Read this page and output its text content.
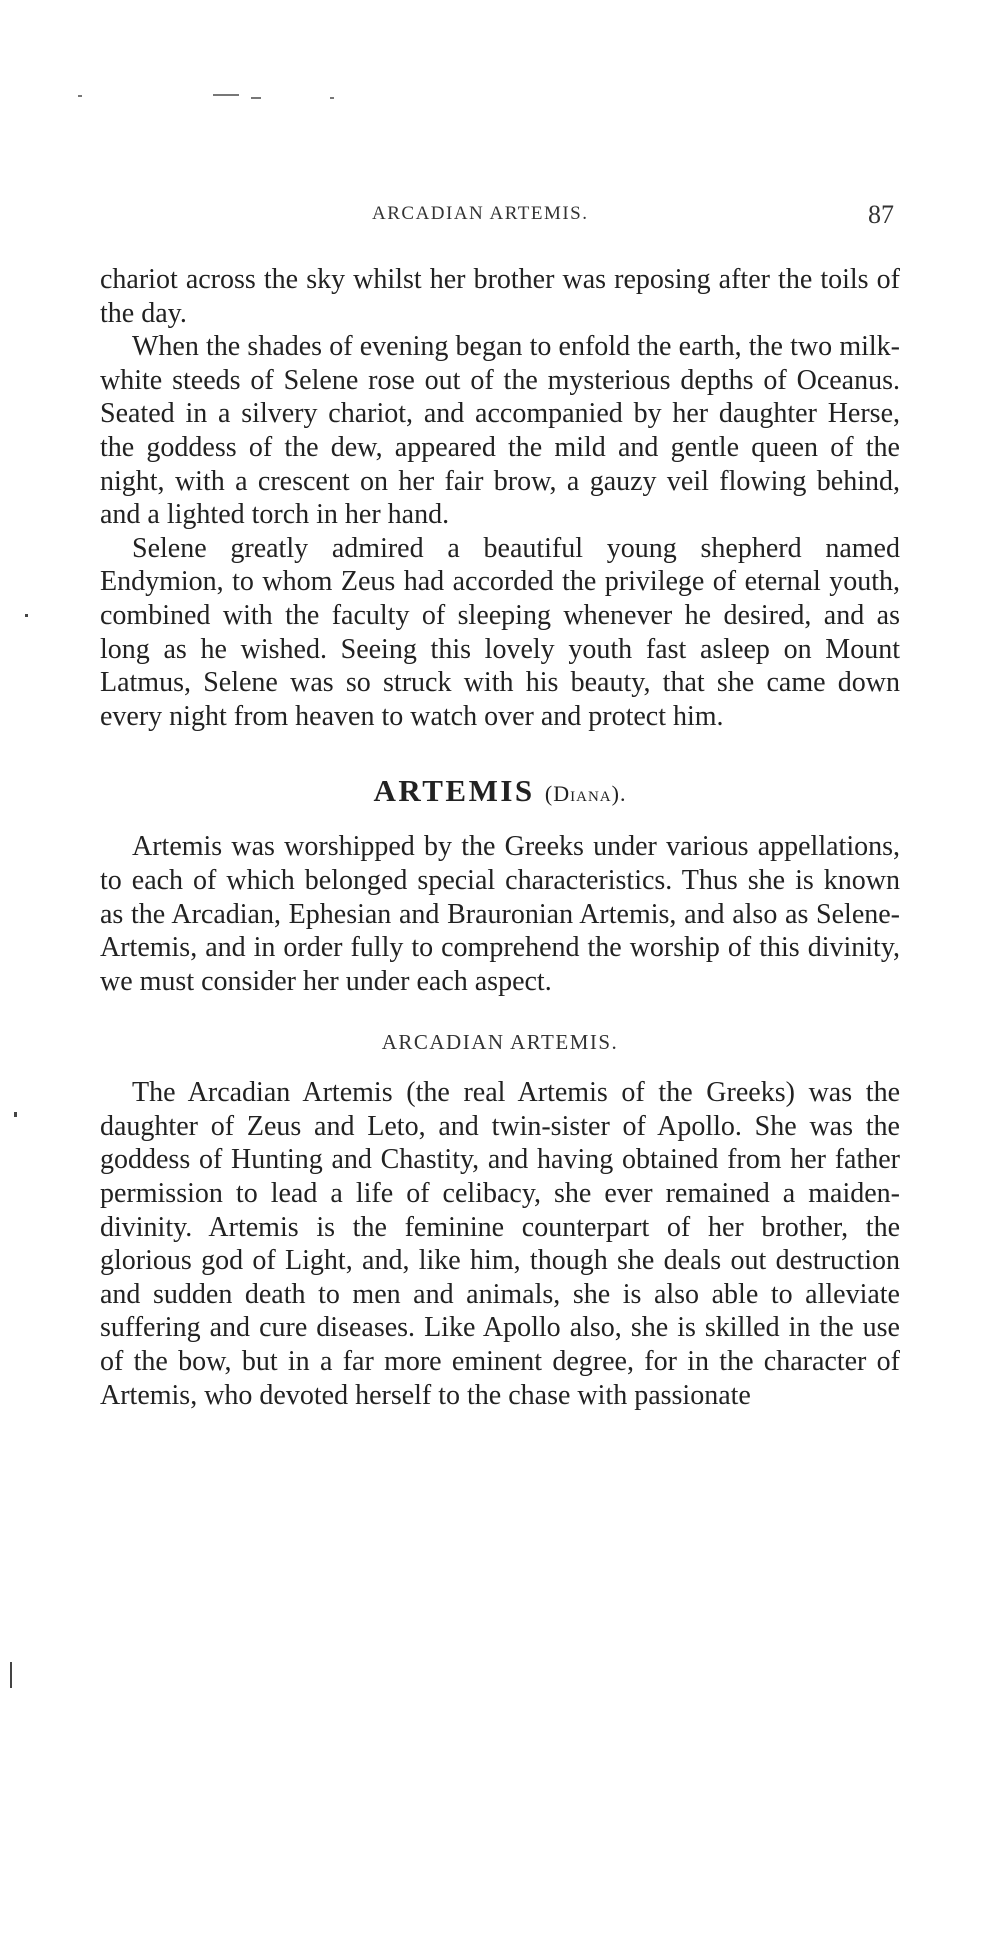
ARCADIAN ARTEMIS.	87

chariot across the sky whilst her brother was reposing after the toils of the day.

When the shades of evening began to enfold the earth, the two milk-white steeds of Selene rose out of the mysterious depths of Oceanus. Seated in a silvery chariot, and accompanied by her daughter Herse, the goddess of the dew, appeared the mild and gentle queen of the night, with a crescent on her fair brow, a gauzy veil flowing behind, and a lighted torch in her hand.

Selene greatly admired a beautiful young shepherd named Endymion, to whom Zeus had accorded the privilege of eternal youth, combined with the faculty of sleeping whenever he desired, and as long as he wished. Seeing this lovely youth fast asleep on Mount Latmus, Selene was so struck with his beauty, that she came down every night from heaven to watch over and protect him.

ARTEMIS (Diana).

Artemis was worshipped by the Greeks under various appellations, to each of which belonged special characteristics. Thus she is known as the Arcadian, Ephesian and Brauronian Artemis, and also as Selene-Artemis, and in order fully to comprehend the worship of this divinity, we must consider her under each aspect.

ARCADIAN ARTEMIS.

The Arcadian Artemis (the real Artemis of the Greeks) was the daughter of Zeus and Leto, and twin-sister of Apollo. She was the goddess of Hunting and Chastity, and having obtained from her father permission to lead a life of celibacy, she ever remained a maiden-divinity. Artemis is the feminine counterpart of her brother, the glorious god of Light, and, like him, though she deals out destruction and sudden death to men and animals, she is also able to alleviate suffering and cure diseases. Like Apollo also, she is skilled in the use of the bow, but in a far more eminent degree, for in the character of Artemis, who devoted herself to the chase with passionate
